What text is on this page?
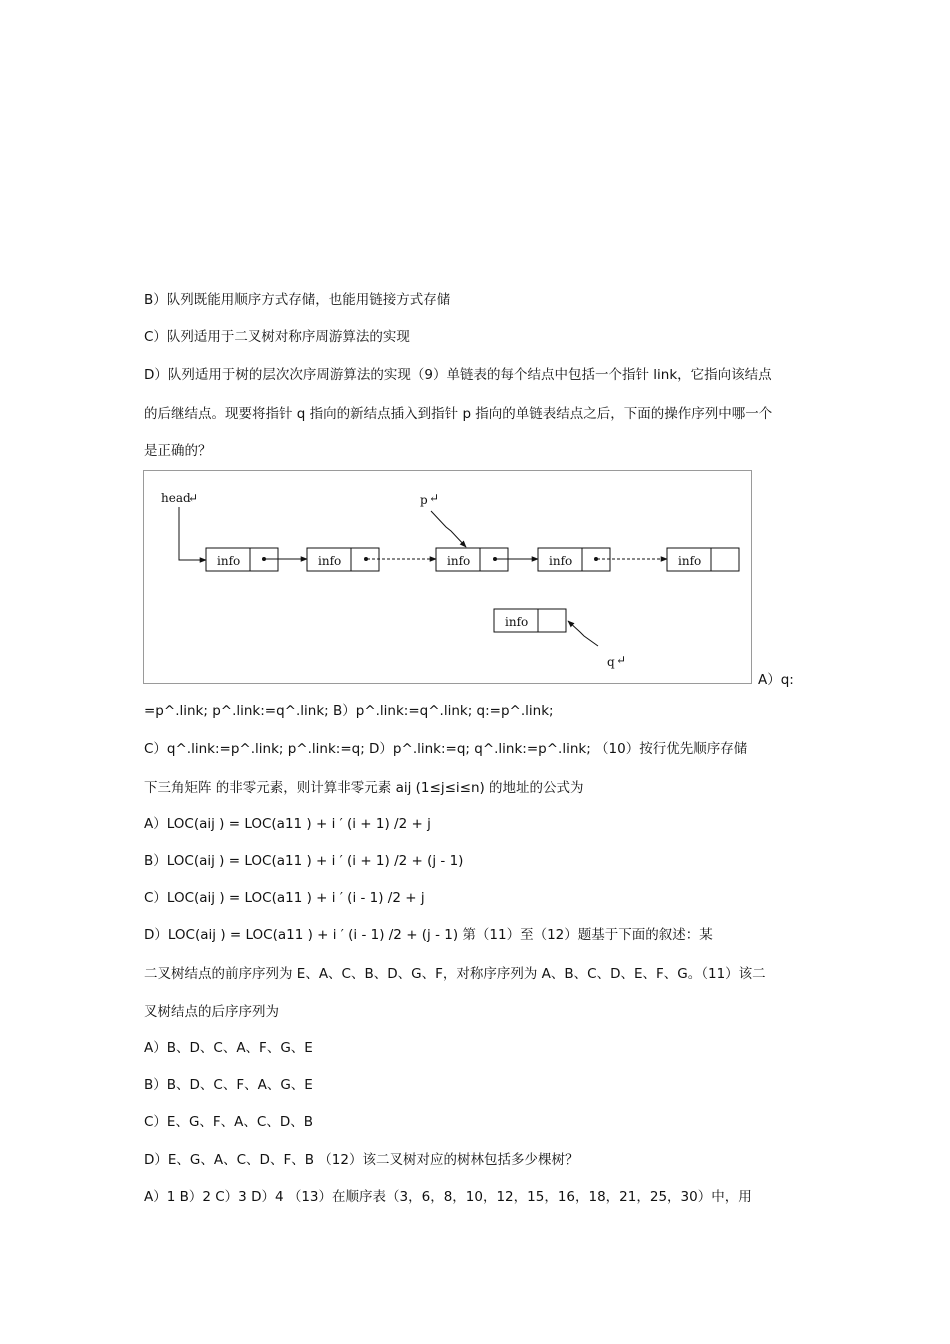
B）队列既能用顺序方式存储，也能用链接方式存储
C）队列适用于二叉树对称序周游算法的实现
D）队列适用于树的层次次序周游算法的实现（9）单链表的每个结点中包括一个指针 link，它指向该结点
的后继结点。现要将指针 q 指向的新结点插入到指针 p 指向的单链表结点之后，下面的操作序列中哪一个
是正确的？
head
↵
info	info	info	info	info
p ↵
info
q ↵
A）q:
=p^.link; p^.link:=q^.link; B）p^.link:=q^.link; q:=p^.link;
C）q^.link:=p^.link; p^.link:=q; D）p^.link:=q; q^.link:=p^.link; （10）按行优先顺序存储
下三角矩阵 的非零元素，则计算非零元素 aij (1≤j≤i≤n) 的地址的公式为
A）LOC(aij ) = LOC(a11 ) + i ′ (i + 1) /2 + j
B）LOC(aij ) = LOC(a11 ) + i ′ (i + 1) /2 + (j - 1)
C）LOC(aij ) = LOC(a11 ) + i ′ (i - 1) /2 + j
D）LOC(aij ) = LOC(a11 ) + i ′ (i - 1) /2 + (j - 1) 第（11）至（12）题基于下面的叙述：某
二叉树结点的前序序列为 E、A、C、B、D、G、F，对称序序列为 A、B、C、D、E、F、G。（11）该二
叉树结点的后序序列为
A）B、D、C、A、F、G、E
B）B、D、C、F、A、G、E
C）E、G、F、A、C、D、B
D）E、G、A、C、D、F、B （12）该二叉树对应的树林包括多少棵树？
A）1 B）2 C）3 D）4 （13）在顺序表（3，6，8，10，12，15，16，18，21，25，30）中，用
